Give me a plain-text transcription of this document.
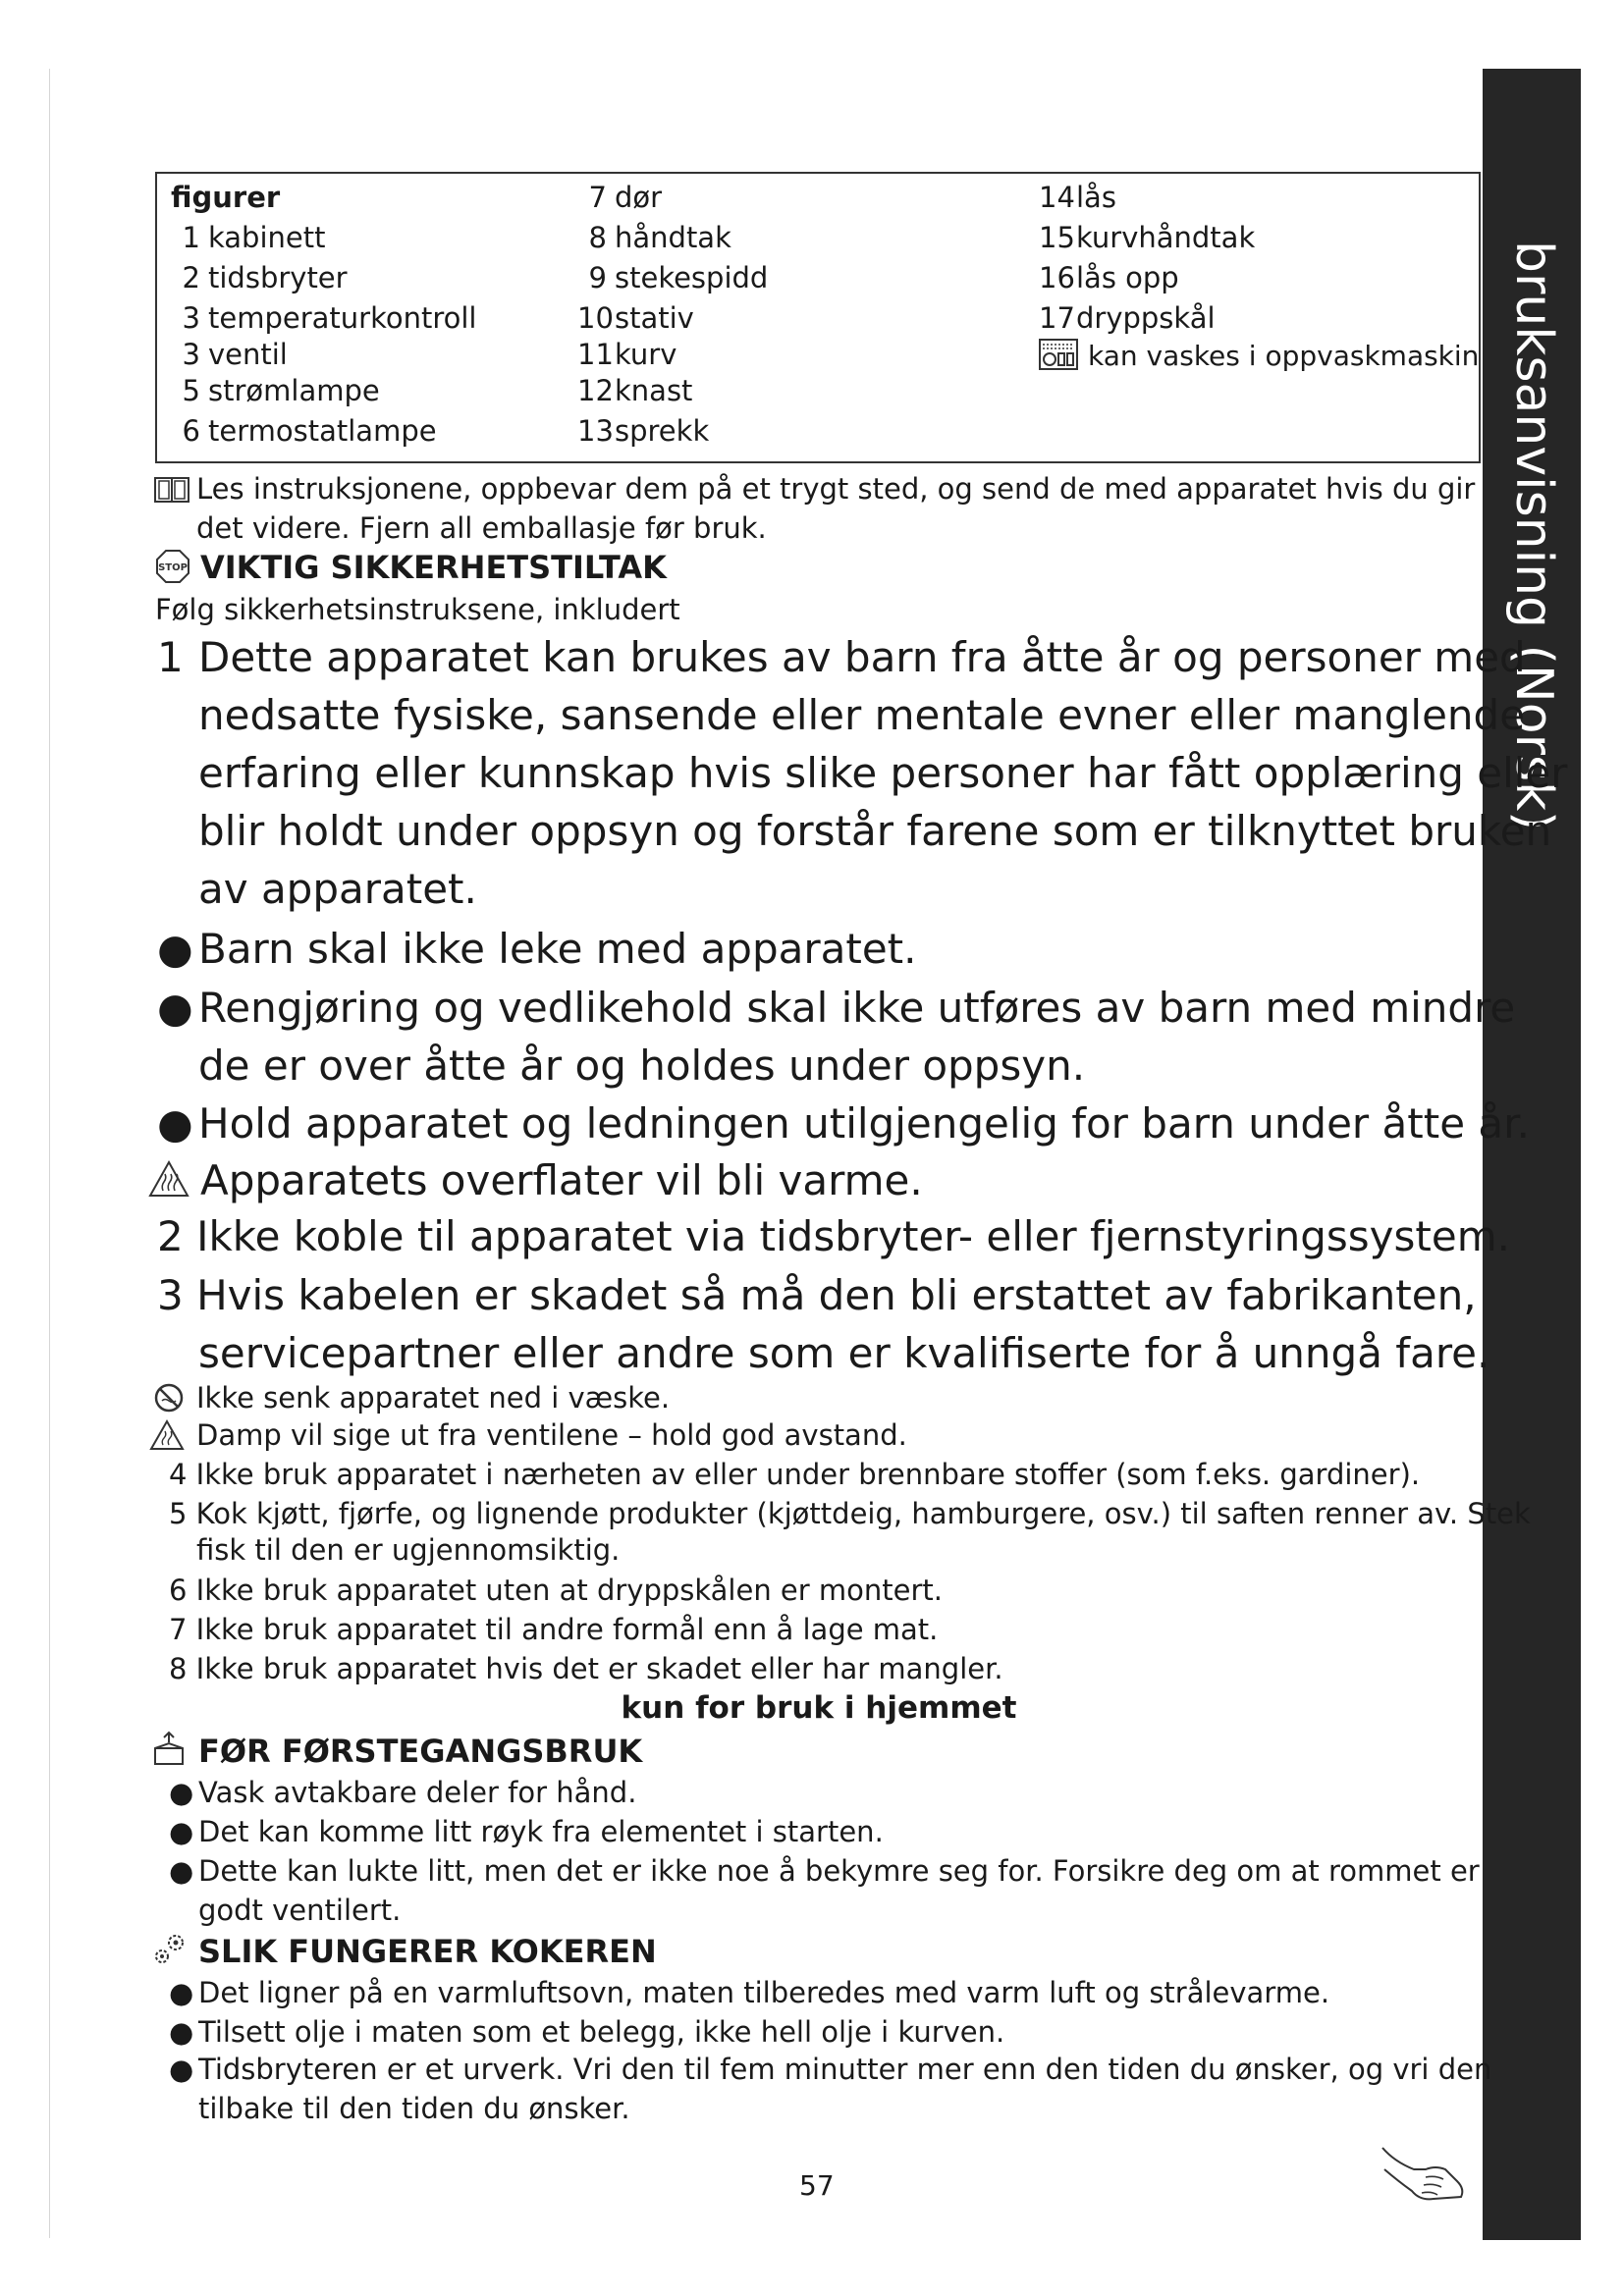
bruksanvisning (Norsk)
figurer
1 kabinett
2 tidsbryter
3 temperaturkontroll
3 ventil
5 strømlampe
6 termostatlampe
7 dør
8 håndtak
9 stekespidd
10stativ
11kurv
12knast
13sprekk
14lås
15kurvhåndtak
16lås opp
17dryppskål
kan vaskes i oppvaskmaskin
Les instruksjonene, oppbevar dem på et trygt sted, og send de med apparatet hvis du gir
det videre. Fjern all emballasje før bruk.
STOP VIKTIG SIKKERHETSTILTAK
Følg sikkerhetsinstruksene, inkludert
1 Dette apparatet kan brukes av barn fra åtte år og personer med
nedsatte fysiske, sansende eller mentale evner eller manglende
erfaring eller kunnskap hvis slike personer har fått opplæring eller
blir holdt under oppsyn og forstår farene som er tilknyttet bruken
av apparatet.
● Barn skal ikke leke med apparatet.
● Rengjøring og vedlikehold skal ikke utføres av barn med mindre
de er over åtte år og holdes under oppsyn.
● Hold apparatet og ledningen utilgjengelig for barn under åtte år.
Apparatets overflater vil bli varme.
2 Ikke koble til apparatet via tidsbryter- eller fjernstyringssystem.
3 Hvis kabelen er skadet så må den bli erstattet av fabrikanten,
servicepartner eller andre som er kvalifiserte for å unngå fare.
Ikke senk apparatet ned i væske.
Damp vil sige ut fra ventilene – hold god avstand.
4 Ikke bruk apparatet i nærheten av eller under brennbare stoffer (som f.eks. gardiner).
5 Kok kjøtt, fjørfe, og lignende produkter (kjøttdeig, hamburgere, osv.) til saften renner av. Stek
fisk til den er ugjennomsiktig.
6 Ikke bruk apparatet uten at dryppskålen er montert.
7 Ikke bruk apparatet til andre formål enn å lage mat.
8 Ikke bruk apparatet hvis det er skadet eller har mangler.
kun for bruk i hjemmet
FØR FØRSTEGANGSBRUK
● Vask avtakbare deler for hånd.
● Det kan komme litt røyk fra elementet i starten.
● Dette kan lukte litt, men det er ikke noe å bekymre seg for. Forsikre deg om at rommet er
godt ventilert.
SLIK FUNGERER KOKEREN
● Det ligner på en varmluftsovn, maten tilberedes med varm luft og strålevarme.
● Tilsett olje i maten som et belegg, ikke hell olje i kurven.
● Tidsbryteren er et urverk. Vri den til fem minutter mer enn den tiden du ønsker, og vri den
tilbake til den tiden du ønsker.
57
